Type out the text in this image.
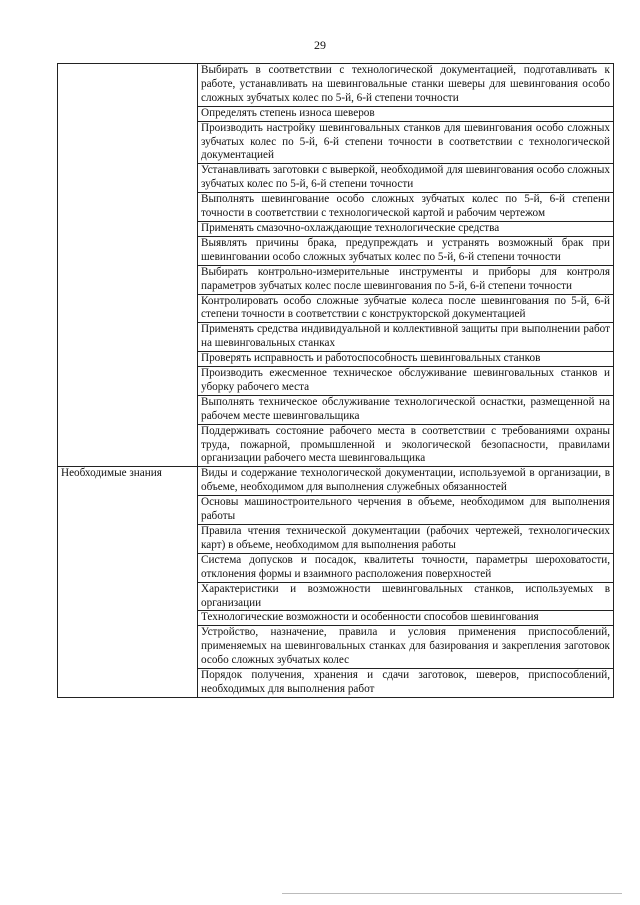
29
	Выбирать в соответствии с технологической документацией, подготавливать к работе, устанавливать на шевинговальные станки шеверы для шевингования особо сложных зубчатых колес по 5-й, 6-й степени точности
	Определять степень износа шеверов
	Производить настройку шевинговальных станков для шевингования особо сложных зубчатых колес по 5-й, 6-й степени точности в соответствии с технологической документацией
	Устанавливать заготовки с выверкой, необходимой для шевингования особо сложных зубчатых колес по 5-й, 6-й степени точности
	Выполнять шевингование особо сложных зубчатых колес по 5-й, 6-й степени точности в соответствии с технологической картой и рабочим чертежом
	Применять смазочно-охлаждающие технологические средства
	Выявлять причины брака, предупреждать и устранять возможный брак при шевинговании особо сложных зубчатых колес по 5-й, 6-й степени точности
	Выбирать контрольно-измерительные инструменты и приборы для контроля параметров зубчатых колес после шевингования по 5-й, 6-й степени точности
	Контролировать особо сложные зубчатые колеса после шевингования по 5-й, 6-й степени точности в соответствии с конструкторской документацией
	Применять средства индивидуальной и коллективной защиты при выполнении работ на шевинговальных станках
	Проверять исправность и работоспособность шевинговальных станков
	Производить ежесменное техническое обслуживание шевинговальных станков и уборку рабочего места
	Выполнять техническое обслуживание технологической оснастки, размещенной на рабочем месте шевинговальщика
	Поддерживать состояние рабочего места в соответствии с требованиями охраны труда, пожарной, промышленной и экологической безопасности, правилами организации рабочего места шевинговальщика

Необходимые знания	Виды и содержание технологической документации, используемой в организации, в объеме, необходимом для выполнения служебных обязанностей
	Основы машиностроительного черчения в объеме, необходимом для выполнения работы
	Правила чтения технической документации (рабочих чертежей, технологических карт) в объеме, необходимом для выполнения работы
	Система допусков и посадок, квалитеты точности, параметры шероховатости, отклонения формы и взаимного расположения поверхностей
	Характеристики и возможности шевинговальных станков, используемых в организации
	Технологические возможности и особенности способов шевингования
	Устройство, назначение, правила и условия применения приспособлений, применяемых на шевинговальных станках для базирования и закрепления заготовок особо сложных зубчатых колес
	Порядок получения, хранения и сдачи заготовок, шеверов, приспособлений, необходимых для выполнения работ
